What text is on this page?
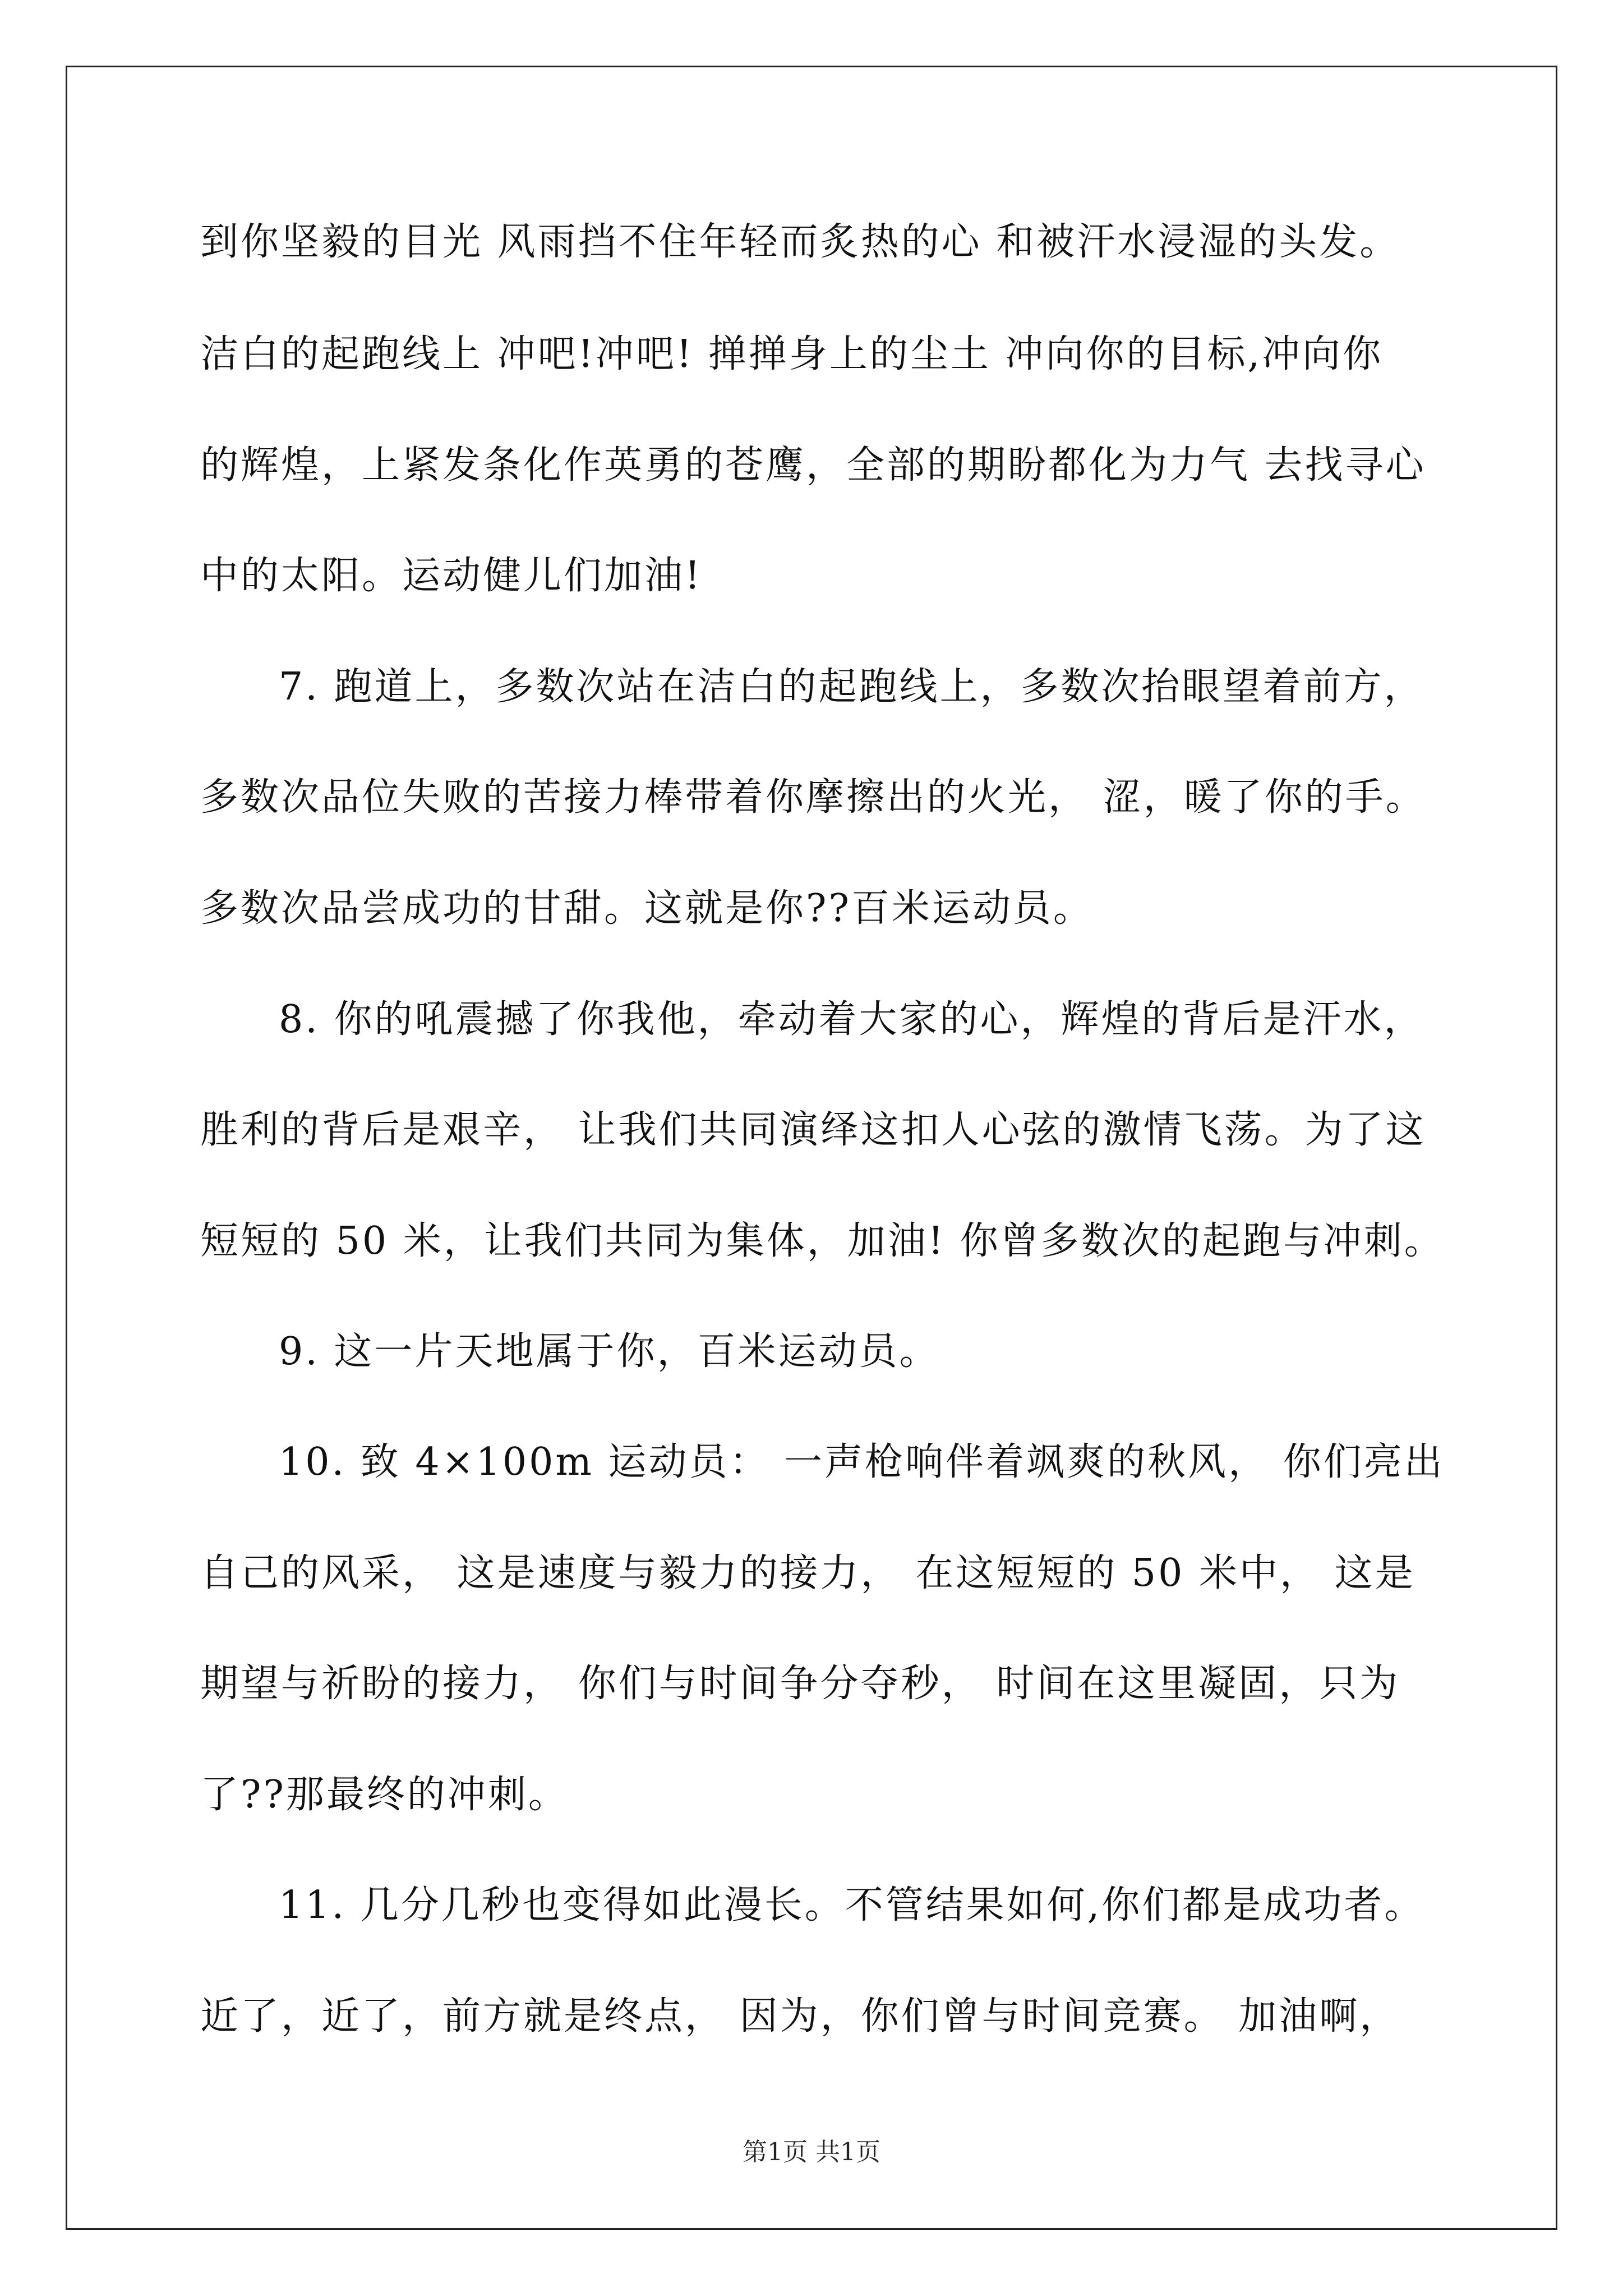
到你坚毅的目光 风雨挡不住年轻而炙热的心 和被汗水浸湿的头发。
洁白的起跑线上 冲吧!冲吧! 掸掸身上的尘土 冲向你的目标,冲向你
的辉煌，上紧发条化作英勇的苍鹰，全部的期盼都化为力气 去找寻心
中的太阳。运动健儿们加油!
7. 跑道上，多数次站在洁白的起跑线上，多数次抬眼望着前方，
多数次品位失败的苦接力棒带着你摩擦出的火光， 涩，暖了你的手。
多数次品尝成功的甘甜。这就是你??百米运动员。
8. 你的吼震撼了你我他，牵动着大家的心，辉煌的背后是汗水，
胜利的背后是艰辛， 让我们共同演绎这扣人心弦的激情飞荡。为了这
短短的 50 米，让我们共同为集体，加油! 你曾多数次的起跑与冲刺。
9. 这一片天地属于你，百米运动员。
10. 致 4×100m 运动员： 一声枪响伴着飒爽的秋风， 你们亮出
自己的风采， 这是速度与毅力的接力， 在这短短的 50 米中， 这是
期望与祈盼的接力， 你们与时间争分夺秒， 时间在这里凝固，只为
了??那最终的冲刺。
11. 几分几秒也变得如此漫长。不管结果如何,你们都是成功者。
近了，近了，前方就是终点， 因为，你们曾与时间竞赛。 加油啊，
第1页 共1页
